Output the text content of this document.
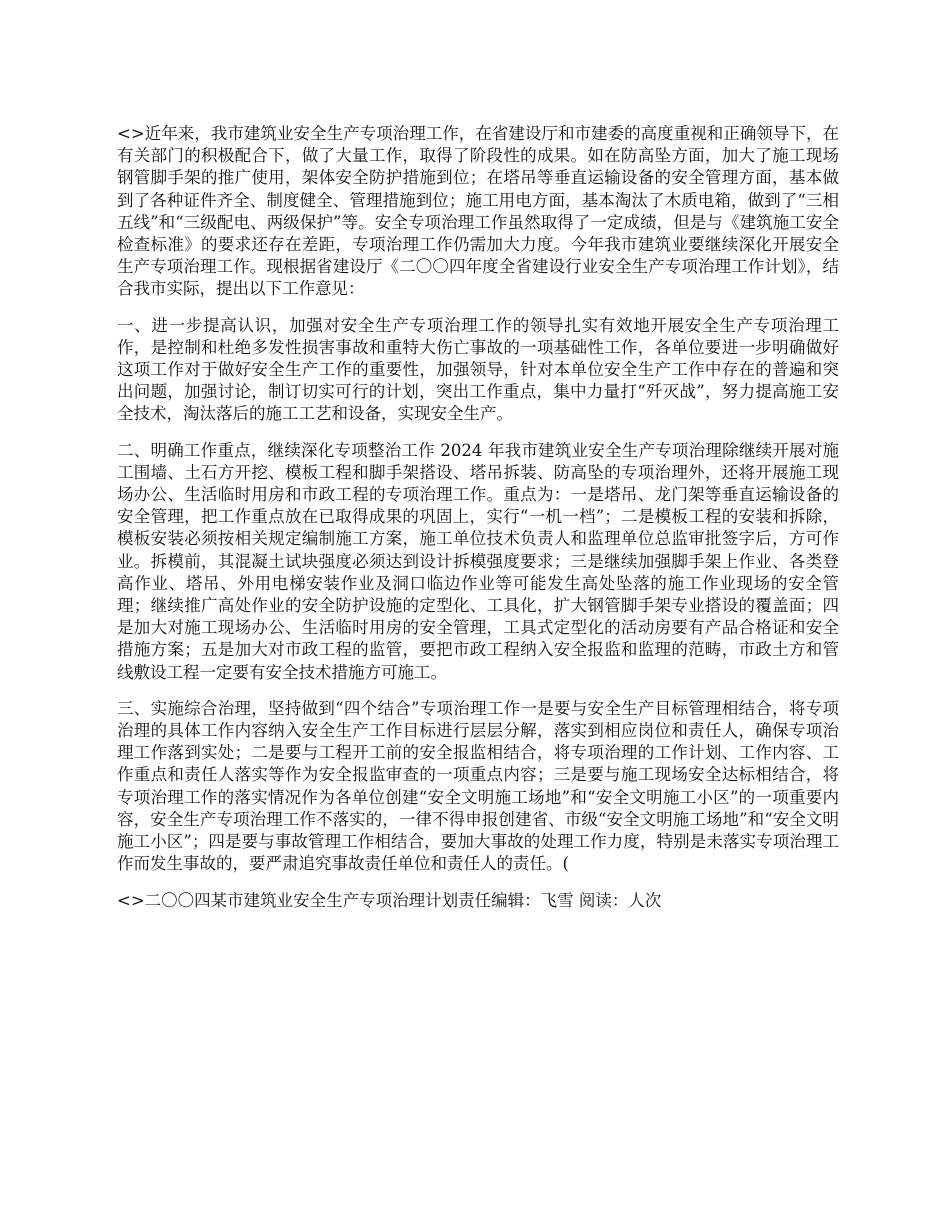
<>近年来，我市建筑业安全生产专项治理工作，在省建设厅和市建委的高度重视和正确领导下，在有关部门的积极配合下，做了大量工作，取得了阶段性的成果。如在防高坠方面，加大了施工现场钢管脚手架的推广使用，架体安全防护措施到位；在塔吊等垂直运输设备的安全管理方面，基本做到了各种证件齐全、制度健全、管理措施到位；施工用电方面，基本淘汰了木质电箱，做到了“三相五线”和“三级配电、两级保护”等。安全专项治理工作虽然取得了一定成绩，但是与《建筑施工安全检查标准》的要求还存在差距，专项治理工作仍需加大力度。今年我市建筑业要继续深化开展安全生产专项治理工作。现根据省建设厅《二〇〇四年度全省建设行业安全生产专项治理工作计划》，结合我市实际，提出以下工作意见：

一、进一步提高认识，加强对安全生产专项治理工作的领导扎实有效地开展安全生产专项治理工作，是控制和杜绝多发性损害事故和重特大伤亡事故的一项基础性工作，各单位要进一步明确做好这项工作对于做好安全生产工作的重要性，加强领导，针对本单位安全生产工作中存在的普遍和突出问题，加强讨论，制订切实可行的计划，突出工作重点，集中力量打“歼灭战”，努力提高施工安全技术，淘汰落后的施工工艺和设备，实现安全生产。

二、明确工作重点，继续深化专项整治工作 2024 年我市建筑业安全生产专项治理除继续开展对施工围墙、土石方开挖、模板工程和脚手架搭设、塔吊拆装、防高坠的专项治理外，还将开展施工现场办公、生活临时用房和市政工程的专项治理工作。重点为：一是塔吊、龙门架等垂直运输设备的安全管理，把工作重点放在已取得成果的巩固上，实行“一机一档”；二是模板工程的安装和拆除，模板安装必须按相关规定编制施工方案，施工单位技术负责人和监理单位总监审批签字后，方可作业。拆模前，其混凝土试块强度必须达到设计拆模强度要求；三是继续加强脚手架上作业、各类登高作业、塔吊、外用电梯安装作业及洞口临边作业等可能发生高处坠落的施工作业现场的安全管理；继续推广高处作业的安全防护设施的定型化、工具化，扩大钢管脚手架专业搭设的覆盖面；四是加大对施工现场办公、生活临时用房的安全管理，工具式定型化的活动房要有产品合格证和安全措施方案；五是加大对市政工程的监管，要把市政工程纳入安全报监和监理的范畴，市政土方和管线敷设工程一定要有安全技术措施方可施工。

三、实施综合治理，坚持做到“四个结合”专项治理工作一是要与安全生产目标管理相结合，将专项治理的具体工作内容纳入安全生产工作目标进行层层分解，落实到相应岗位和责任人，确保专项治理工作落到实处；二是要与工程开工前的安全报监相结合，将专项治理的工作计划、工作内容、工作重点和责任人落实等作为安全报监审查的一项重点内容；三是要与施工现场安全达标相结合，将专项治理工作的落实情况作为各单位创建“安全文明施工场地”和“安全文明施工小区”的一项重要内容，安全生产专项治理工作不落实的，一律不得申报创建省、市级“安全文明施工场地”和“安全文明施工小区”；四是要与事故管理工作相结合，要加大事故的处理工作力度，特别是未落实专项治理工作而发生事故的，要严肃追究事故责任单位和责任人的责任。(

<>二〇〇四某市建筑业安全生产专项治理计划责任编辑：飞雪 阅读：人次
